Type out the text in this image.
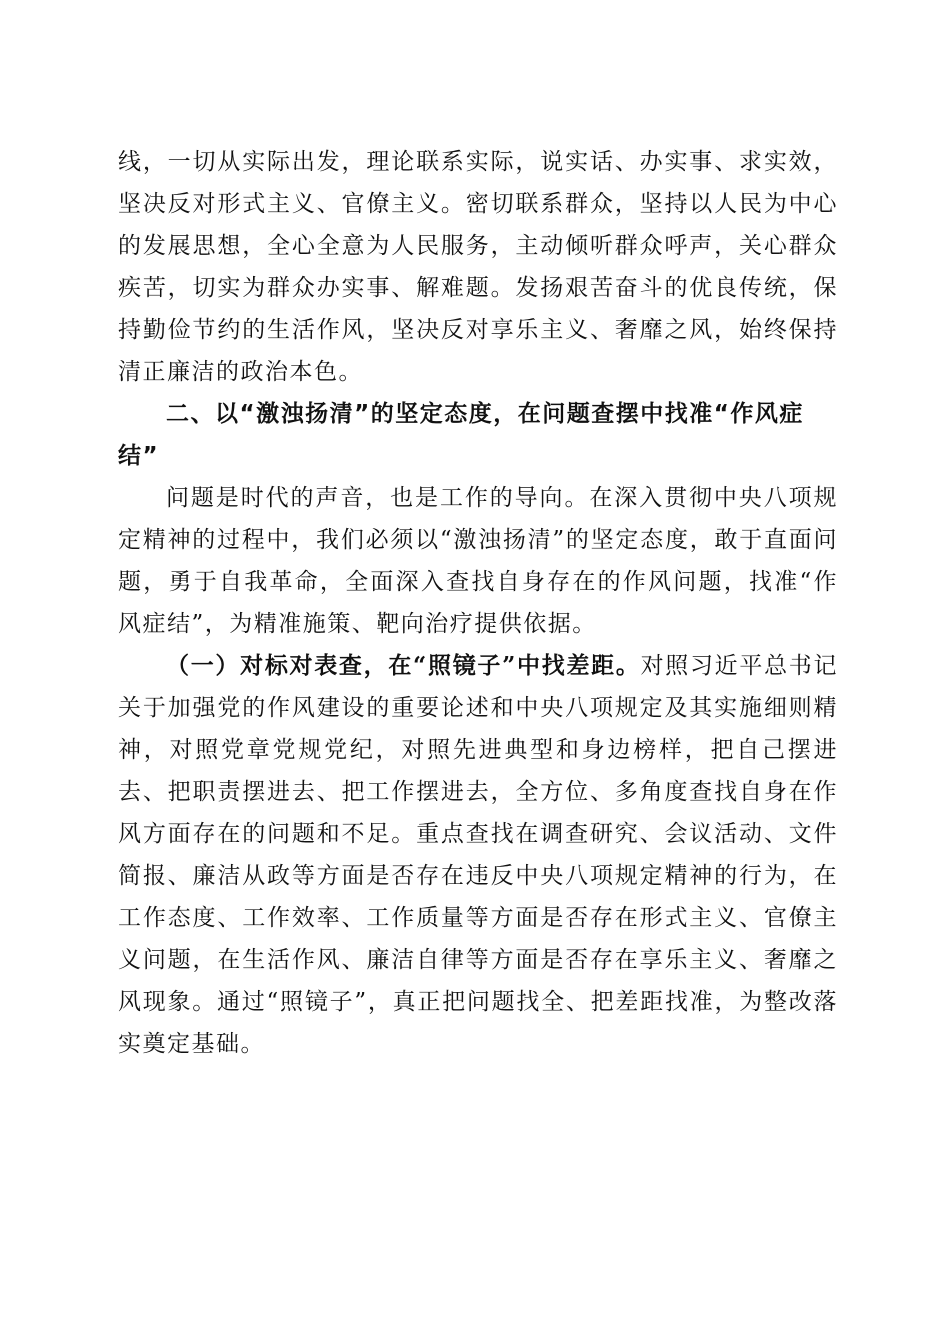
线，一切从实际出发，理论联系实际，说实话、办实事、求实效，坚决反对形式主义、官僚主义。密切联系群众，坚持以人民为中心的发展思想，全心全意为人民服务，主动倾听群众呼声，关心群众疾苦，切实为群众办实事、解难题。发扬艰苦奋斗的优良传统，保持勤俭节约的生活作风，坚决反对享乐主义、奢靡之风，始终保持清正廉洁的政治本色。

二、以“激浊扬清”的坚定态度，在问题查摆中找准“作风症结”

问题是时代的声音，也是工作的导向。在深入贯彻中央八项规定精神的过程中，我们必须以“激浊扬清”的坚定态度，敢于直面问题，勇于自我革命，全面深入查找自身存在的作风问题，找准“作风症结”，为精准施策、靶向治疗提供依据。

（一）对标对表查，在“照镜子”中找差距。对照习近平总书记关于加强党的作风建设的重要论述和中央八项规定及其实施细则精神，对照党章党规党纪，对照先进典型和身边榜样，把自己摆进去、把职责摆进去、把工作摆进去，全方位、多角度查找自身在作风方面存在的问题和不足。重点查找在调查研究、会议活动、文件简报、廉洁从政等方面是否存在违反中央八项规定精神的行为，在工作态度、工作效率、工作质量等方面是否存在形式主义、官僚主义问题，在生活作风、廉洁自律等方面是否存在享乐主义、奢靡之风现象。通过“照镜子”，真正把问题找全、把差距找准，为整改落实奠定基础。
